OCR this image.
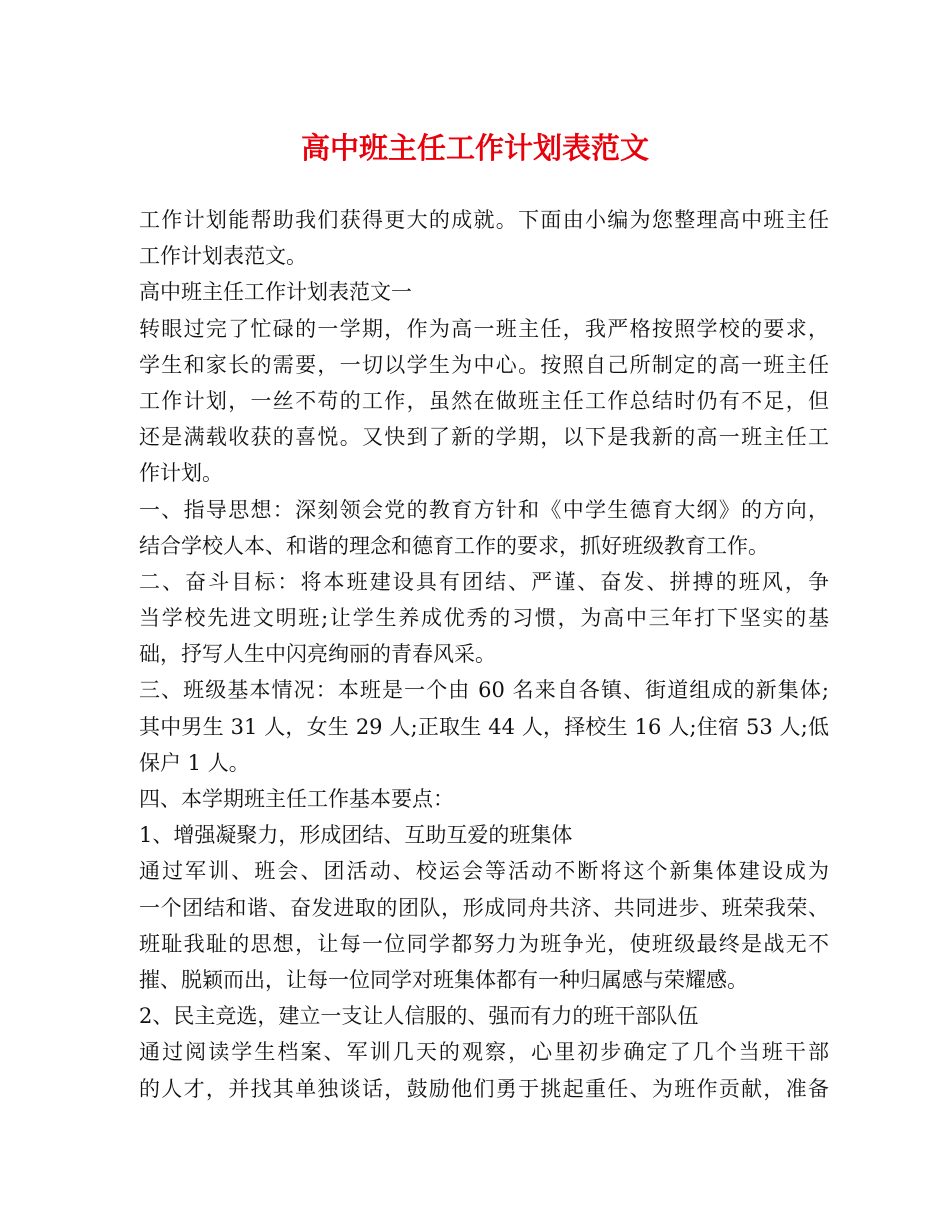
高中班主任工作计划表范文
工作计划能帮助我们获得更大的成就。下面由小编为您整理高中班主任
工作计划表范文。
高中班主任工作计划表范文一
转眼过完了忙碌的一学期，作为高一班主任，我严格按照学校的要求，
学生和家长的需要，一切以学生为中心。按照自己所制定的高一班主任
工作计划，一丝不苟的工作，虽然在做班主任工作总结时仍有不足，但
还是满载收获的喜悦。又快到了新的学期，以下是我新的高一班主任工
作计划。
一、指导思想：深刻领会党的教育方针和《中学生德育大纲》的方向，
结合学校人本、和谐的理念和德育工作的要求，抓好班级教育工作。
二、奋斗目标：将本班建设具有团结、严谨、奋发、拼搏的班风，争
当学校先进文明班;让学生养成优秀的习惯，为高中三年打下坚实的基
础，抒写人生中闪亮绚丽的青春风采。
三、班级基本情况：本班是一个由 60 名来自各镇、街道组成的新集体;
其中男生 31 人，女生 29 人;正取生 44 人，择校生 16 人;住宿 53 人;低
保户 1 人。
四、本学期班主任工作基本要点：
1、增强凝聚力，形成团结、互助互爱的班集体
通过军训、班会、团活动、校运会等活动不断将这个新集体建设成为
一个团结和谐、奋发进取的团队，形成同舟共济、共同进步、班荣我荣、
班耻我耻的思想，让每一位同学都努力为班争光，使班级最终是战无不
摧、脱颖而出，让每一位同学对班集体都有一种归属感与荣耀感。
2、民主竞选，建立一支让人信服的、强而有力的班干部队伍
通过阅读学生档案、军训几天的观察，心里初步确定了几个当班干部
的人才，并找其单独谈话，鼓励他们勇于挑起重任、为班作贡献，准备
